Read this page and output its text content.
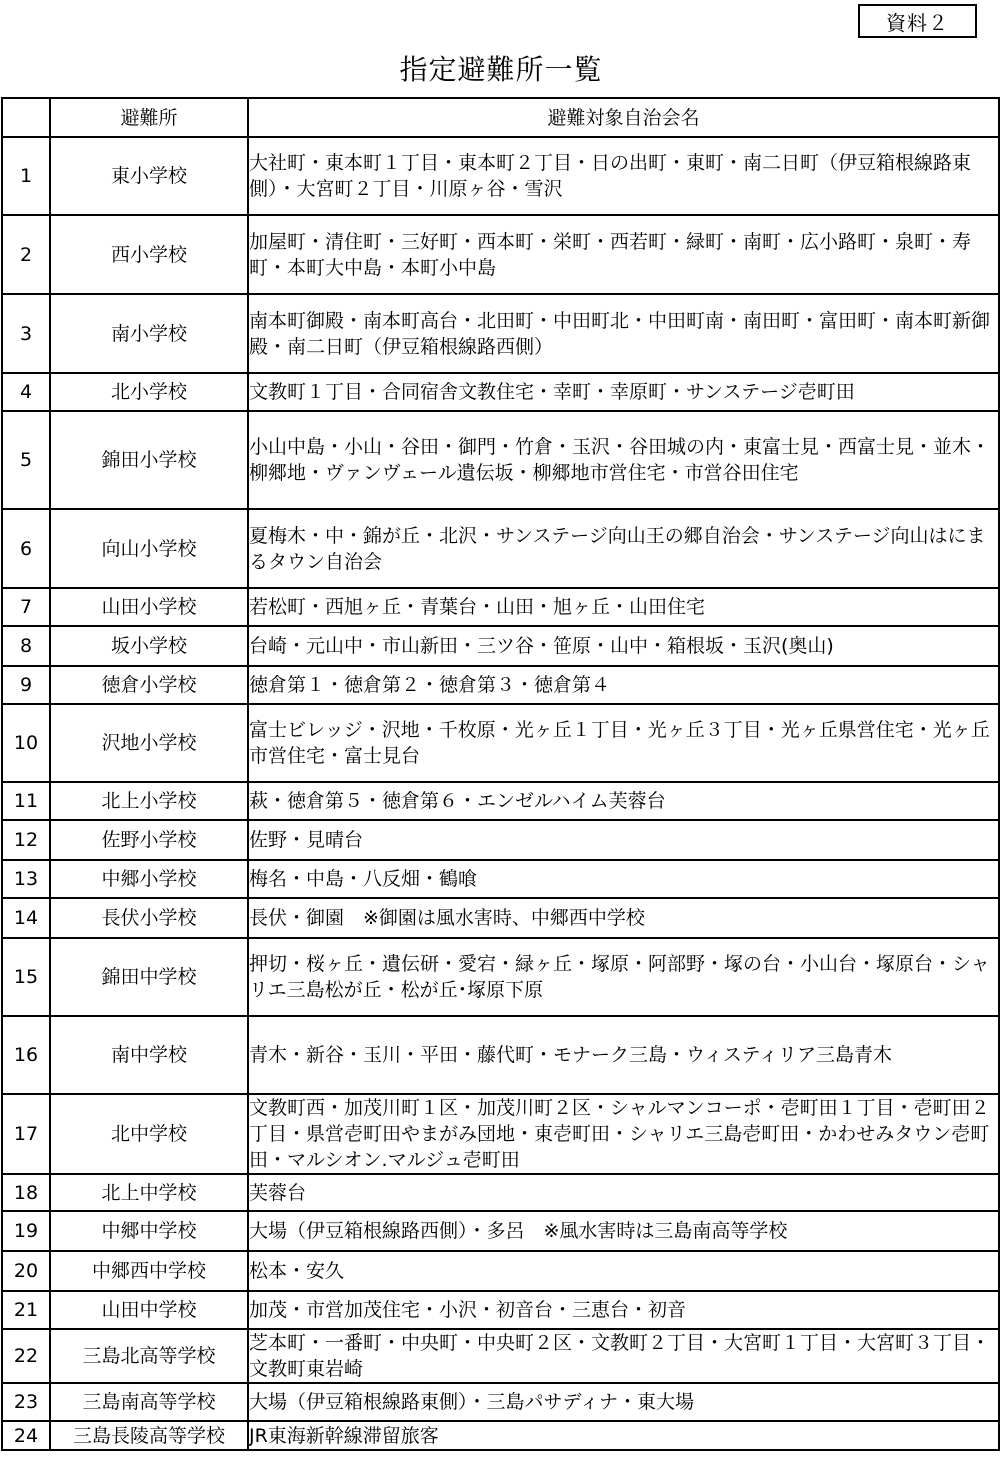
資料２
指定避難所一覧
	避難所	避難対象自治会名
1	東小学校	大社町・東本町１丁目・東本町２丁目・日の出町・東町・南二日町（伊豆箱根線路東側）・大宮町２丁目・川原ヶ谷・雪沢
2	西小学校	加屋町・清住町・三好町・西本町・栄町・西若町・緑町・南町・広小路町・泉町・寿町・本町大中島・本町小中島
3	南小学校	南本町御殿・南本町高台・北田町・中田町北・中田町南・南田町・富田町・南本町新御殿・南二日町（伊豆箱根線路西側）
4	北小学校	文教町１丁目・合同宿舎文教住宅・幸町・幸原町・サンステージ壱町田
5	錦田小学校	小山中島・小山・谷田・御門・竹倉・玉沢・谷田城の内・東富士見・西富士見・並木・柳郷地・ヴァンヴェール遺伝坂・柳郷地市営住宅・市営谷田住宅
6	向山小学校	夏梅木・中・錦が丘・北沢・サンステージ向山王の郷自治会・サンステージ向山はにまるタウン自治会
7	山田小学校	若松町・西旭ヶ丘・青葉台・山田・旭ヶ丘・山田住宅
8	坂小学校	台崎・元山中・市山新田・三ツ谷・笹原・山中・箱根坂・玉沢(奥山)
9	徳倉小学校	徳倉第１・徳倉第２・徳倉第３・徳倉第４
10	沢地小学校	富士ビレッジ・沢地・千枚原・光ヶ丘１丁目・光ヶ丘３丁目・光ヶ丘県営住宅・光ヶ丘市営住宅・富士見台
11	北上小学校	萩・徳倉第５・徳倉第６・エンゼルハイム芙蓉台
12	佐野小学校	佐野・見晴台
13	中郷小学校	梅名・中島・八反畑・鶴喰
14	長伏小学校	長伏・御園　※御園は風水害時、中郷西中学校
15	錦田中学校	押切・桜ヶ丘・遺伝研・愛宕・緑ヶ丘・塚原・阿部野・塚の台・小山台・塚原台・シャリエ三島松が丘・松が丘･塚原下原
16	南中学校	青木・新谷・玉川・平田・藤代町・モナーク三島・ウィスティリア三島青木
17	北中学校	文教町西・加茂川町１区・加茂川町２区・シャルマンコーポ・壱町田１丁目・壱町田２丁目・県営壱町田やまがみ団地・東壱町田・シャリエ三島壱町田・かわせみタウン壱町田・マルシオン.マルジュ壱町田
18	北上中学校	芙蓉台
19	中郷中学校	大場（伊豆箱根線路西側）・多呂　※風水害時は三島南高等学校
20	中郷西中学校	松本・安久
21	山田中学校	加茂・市営加茂住宅・小沢・初音台・三恵台・初音
22	三島北高等学校	芝本町・一番町・中央町・中央町２区・文教町２丁目・大宮町１丁目・大宮町３丁目・文教町東岩崎
23	三島南高等学校	大場（伊豆箱根線路東側）・三島パサディナ・東大場
24	三島長陵高等学校	JR東海新幹線滞留旅客
